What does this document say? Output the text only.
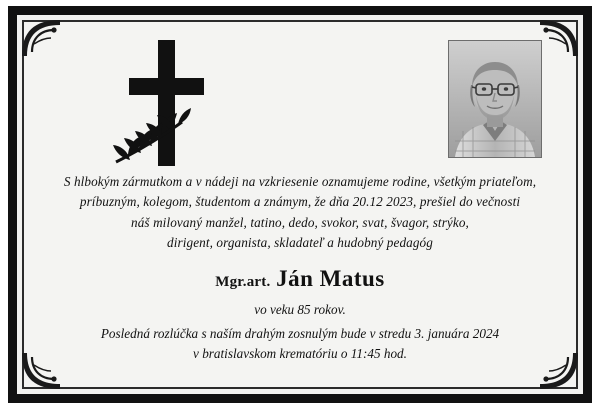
S hlbokým zármutkom a v nádeji na vzkriesenie oznamujeme rodine, všetkým priateľom,
príbuzným, kolegom, študentom a známym, že dňa 20.12 2023, prešiel do večnosti
náš milovaný manžel, tatino, dedo, svokor, svat, švagor, strýko,
dirigent, organista, skladateľ a hudobný pedagóg
Mgr.art. Ján Matus
vo veku 85 rokov.
Posledná rozlúčka s naším drahým zosnulým bude v stredu 3. januára 2024
v bratislavskom krematóriu o 11:45 hod.
